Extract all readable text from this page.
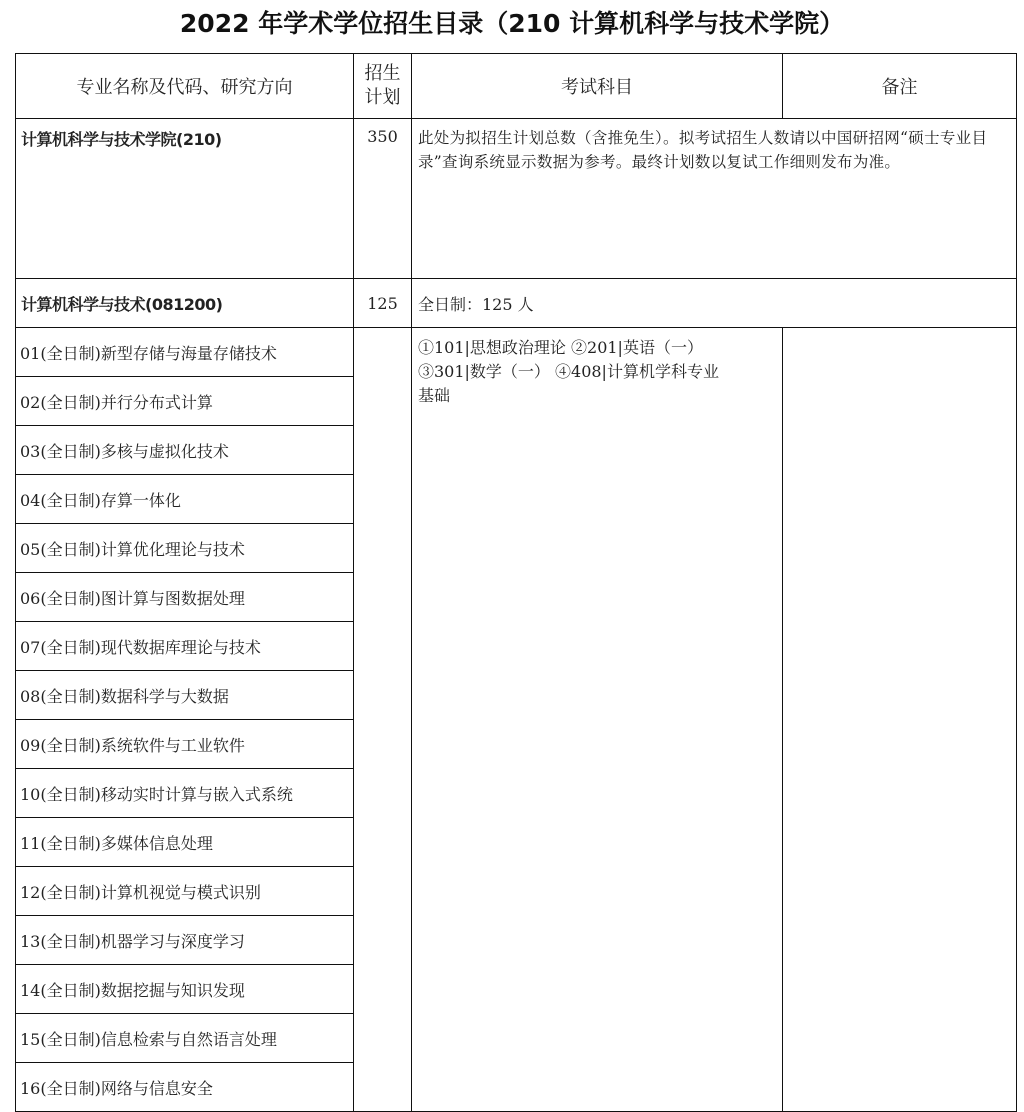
2022 年学术学位招生目录（210 计算机科学与技术学院）
专业名称及代码、研究方向	招生
计划	考试科目	备注
计算机科学与技术学院(210)	350	此处为拟招生计划总数（含推免生）。拟考试招生人数请以中国研招网“硕士专业目录”查询系统显示数据为参考。最终计划数以复试工作细则发布为准。	
计算机科学与技术(081200)	125	全日制：125 人	
01(全日制)新型存储与海量存储技术		①101|思想政治理论 ②201|英语（一）
③301|数学（一） ④408|计算机学科专业
基础	

02(全日制)并行分布式计算			
03(全日制)多核与虚拟化技术			
04(全日制)存算一体化			
05(全日制)计算优化理论与技术			
06(全日制)图计算与图数据处理			
07(全日制)现代数据库理论与技术			
08(全日制)数据科学与大数据			
09(全日制)系统软件与工业软件			
10(全日制)移动实时计算与嵌入式系统			
11(全日制)多媒体信息处理			
12(全日制)计算机视觉与模式识别			
13(全日制)机器学习与深度学习			
14(全日制)数据挖掘与知识发现			
15(全日制)信息检索与自然语言处理			
16(全日制)网络与信息安全			
